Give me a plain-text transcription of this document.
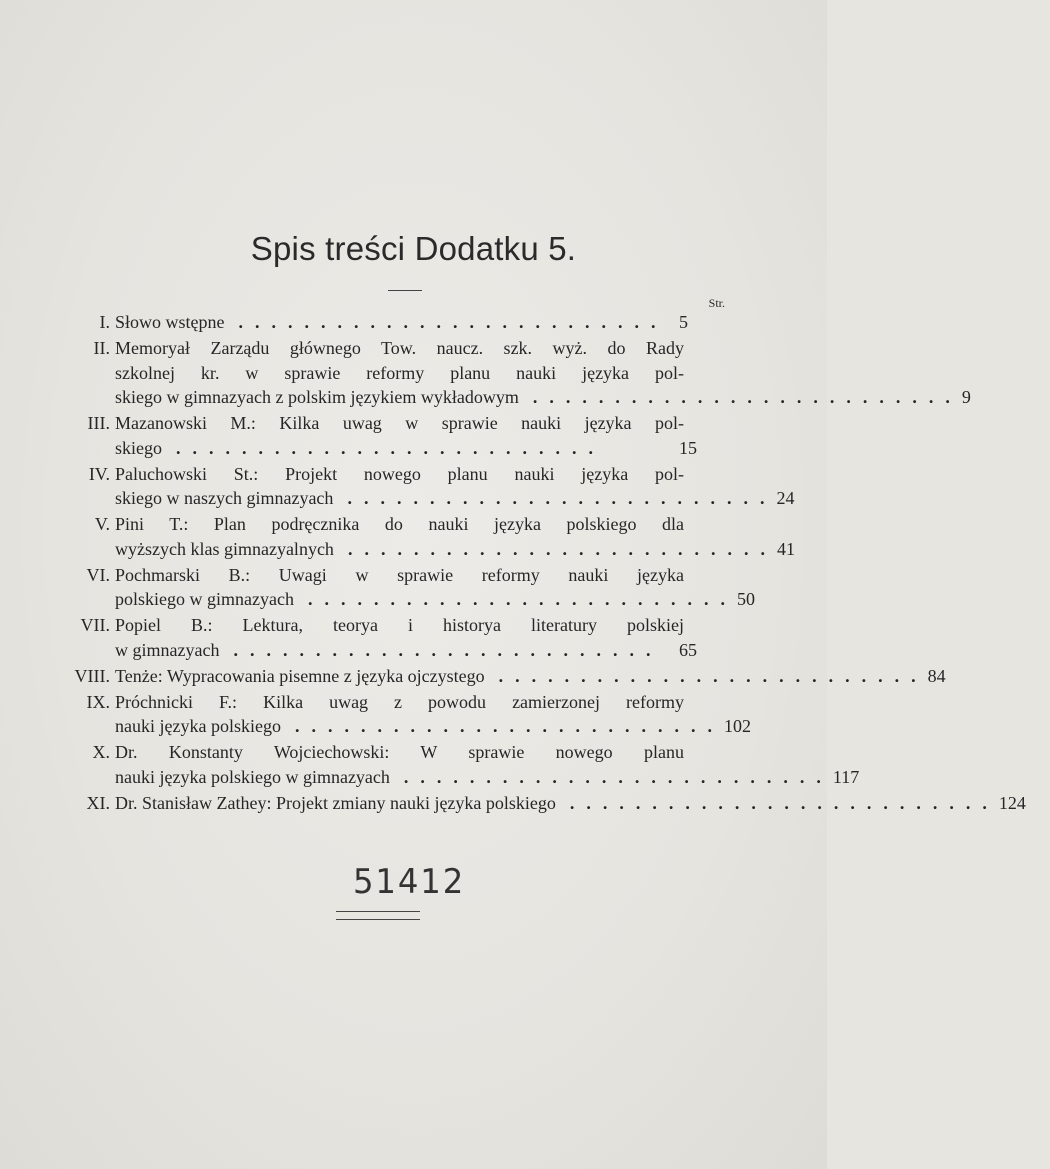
Spis treści Dodatku 5.
Str.
I. Słowo wstępne .......................... 5
II. Memoryał Zarządu głównego Tow. naucz. szk. wyż. do Rady
szkolnej kr. w sprawie reformy planu nauki języka pol-
skiego w gimnazyach z polskim językiem wykładowym .......................... 9
III. Mazanowski M.: Kilka uwag w sprawie nauki języka pol-
skiego ..........................	15
IV. Paluchowski St.: Projekt nowego planu nauki języka pol-
skiego w naszych gimnazyach .......................... 24
V. Pini T.: Plan podręcznika do nauki języka polskiego dla
wyższych klas gimnazyalnych .......................... 41
VI. Pochmarski B.: Uwagi w sprawie reformy nauki języka
polskiego w gimnazyach .......................... 50
VII. Popiel B.: Lektura, teorya i historya literatury polskiej
w gimnazyach .......................... 65
VIII. Tenże: Wypracowania pisemne z języka ojczystego .......................... 84
IX. Próchnicki F.: Kilka uwag z powodu zamierzonej reformy
nauki języka polskiego .......................... 102
X. Dr. Konstanty Wojciechowski: W sprawie nowego planu
nauki języka polskiego w gimnazyach .......................... 117
XI. Dr. Stanisław Zathey: Projekt zmiany nauki języka polskiego .......................... 124
51412
